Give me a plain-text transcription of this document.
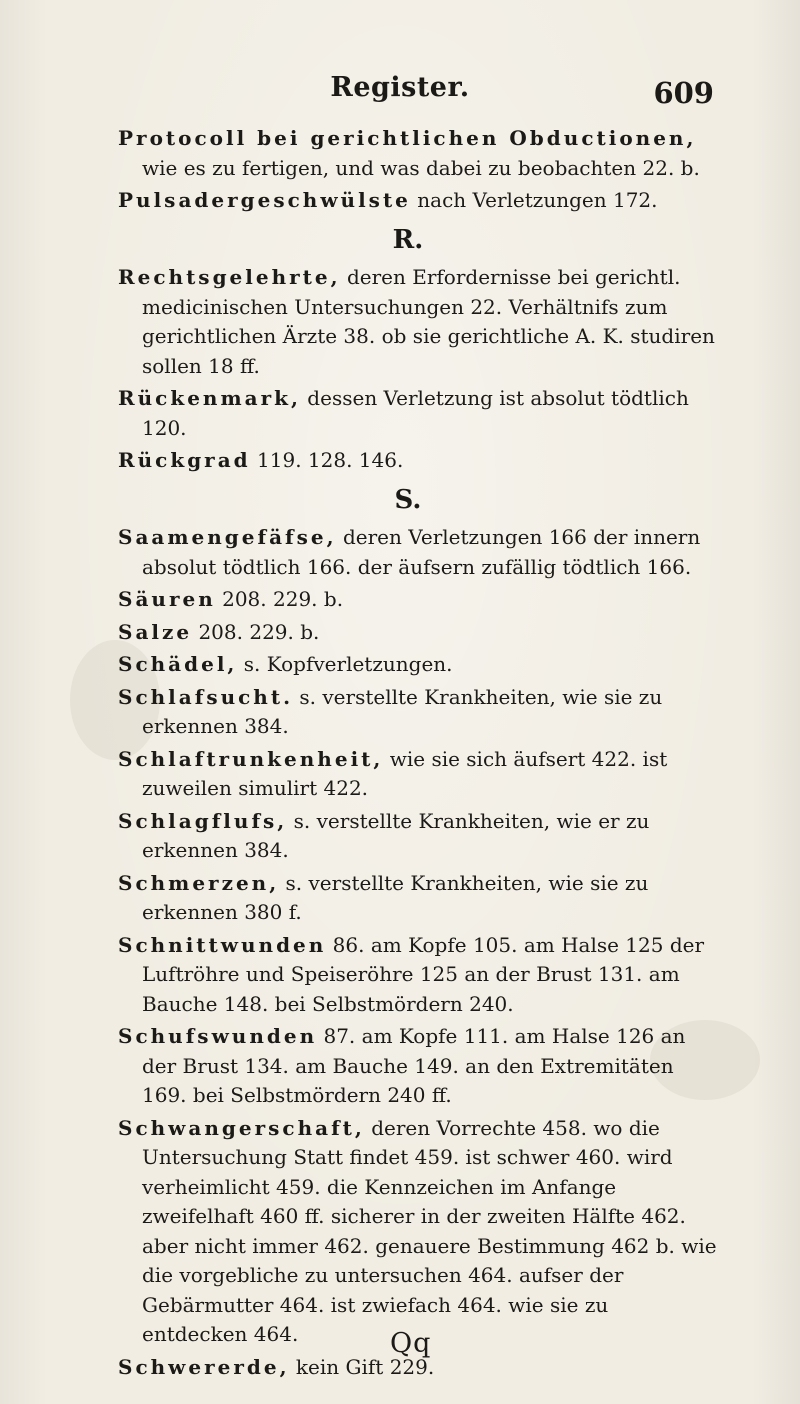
Register.	609

Protocoll bei gerichtlichen Obductionen, wie es zu fertigen, und was dabei zu beobachten 22. b.

Pulsadergeschwülste nach Verletzungen 172.

R.

Rechtsgelehrte, deren Erfordernisse bei gerichtl. medicinischen Untersuchungen 22. Verhältnifs zum gerichtlichen Ärzte 38. ob sie gerichtliche A. K. studiren sollen 18 ff.

Rückenmark, dessen Verletzung ist absolut tödtlich 120.

Rückgrad 119. 128. 146.

S.

Saamengefäfse, deren Verletzungen 166 der innern absolut tödtlich 166. der äufsern zufällig tödtlich 166.

Säuren 208. 229. b.

Salze 208. 229. b.

Schädel, s. Kopfverletzungen.

Schlafsucht. s. verstellte Krankheiten, wie sie zu erkennen 384.

Schlaftrunkenheit, wie sie sich äufsert 422. ist zuweilen simulirt 422.

Schlagflufs, s. verstellte Krankheiten, wie er zu erkennen 384.

Schmerzen, s. verstellte Krankheiten, wie sie zu erkennen 380 f.

Schnittwunden 86. am Kopfe 105. am Halse 125 der Luftröhre und Speiseröhre 125 an der Brust 131. am Bauche 148. bei Selbstmördern 240.

Schufswunden 87. am Kopfe 111. am Halse 126 an der Brust 134. am Bauche 149. an den Extremitäten 169. bei Selbstmördern 240 ff.

Schwangerschaft, deren Vorrechte 458. wo die Untersuchung Statt findet 459. ist schwer 460. wird verheimlicht 459. die Kennzeichen im Anfange zweifelhaft 460 ff. sicherer in der zweiten Hälfte 462. aber nicht immer 462. genauere Bestimmung 462 b. wie die vorgebliche zu untersuchen 464. aufser der Gebärmutter 464. ist zwiefach 464. wie sie zu entdecken 464.

Schwererde, kein Gift 229.

Qq
